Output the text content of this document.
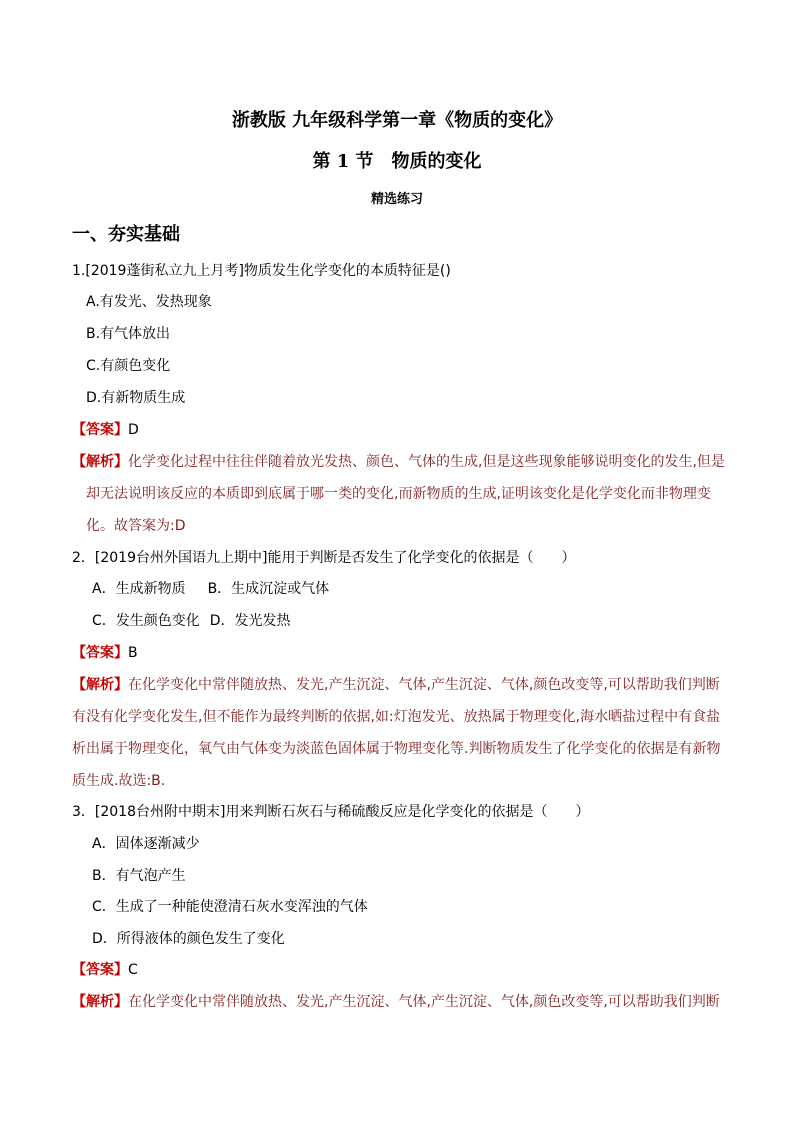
浙教版 九年级科学第一章《物质的变化》
第 1 节　物质的变化
精选练习
一、夯实基础
1.[2019蓬街私立九上月考]物质发生化学变化的本质特征是()
A.有发光、发热现象
B.有气体放出
C.有颜色变化
D.有新物质生成
【答案】D
【解析】化学变化过程中往往伴随着放光发热、颜色、气体的生成,但是这些现象能够说明变化的发生,但是
却无法说明该反应的本质即到底属于哪一类的变化,而新物质的生成,证明该变化是化学变化而非物理变
化。故答案为:D
2．[2019台州外国语九上期中]能用于判断是否发生了化学变化的依据是（　　）
A．生成新物质 B．生成沉淀或气体
C．发生颜色变化 D．发光发热
【答案】B
【解析】在化学变化中常伴随放热、发光,产生沉淀、气体,产生沉淀、气体,颜色改变等,可以帮助我们判断
有没有化学变化发生,但不能作为最终判断的依据,如:灯泡发光、放热属于物理变化,海水晒盐过程中有食盐
析出属于物理变化，氧气由气体变为淡蓝色固体属于物理变化等.判断物质发生了化学变化的依据是有新物
质生成.故选:B.
3．[2018台州附中期末]用来判断石灰石与稀硫酸反应是化学变化的依据是（　　）
A．固体逐渐减少
B．有气泡产生
C．生成了一种能使澄清石灰水变浑浊的气体
D．所得液体的颜色发生了变化
【答案】C
【解析】在化学变化中常伴随放热、发光,产生沉淀、气体,产生沉淀、气体,颜色改变等,可以帮助我们判断
